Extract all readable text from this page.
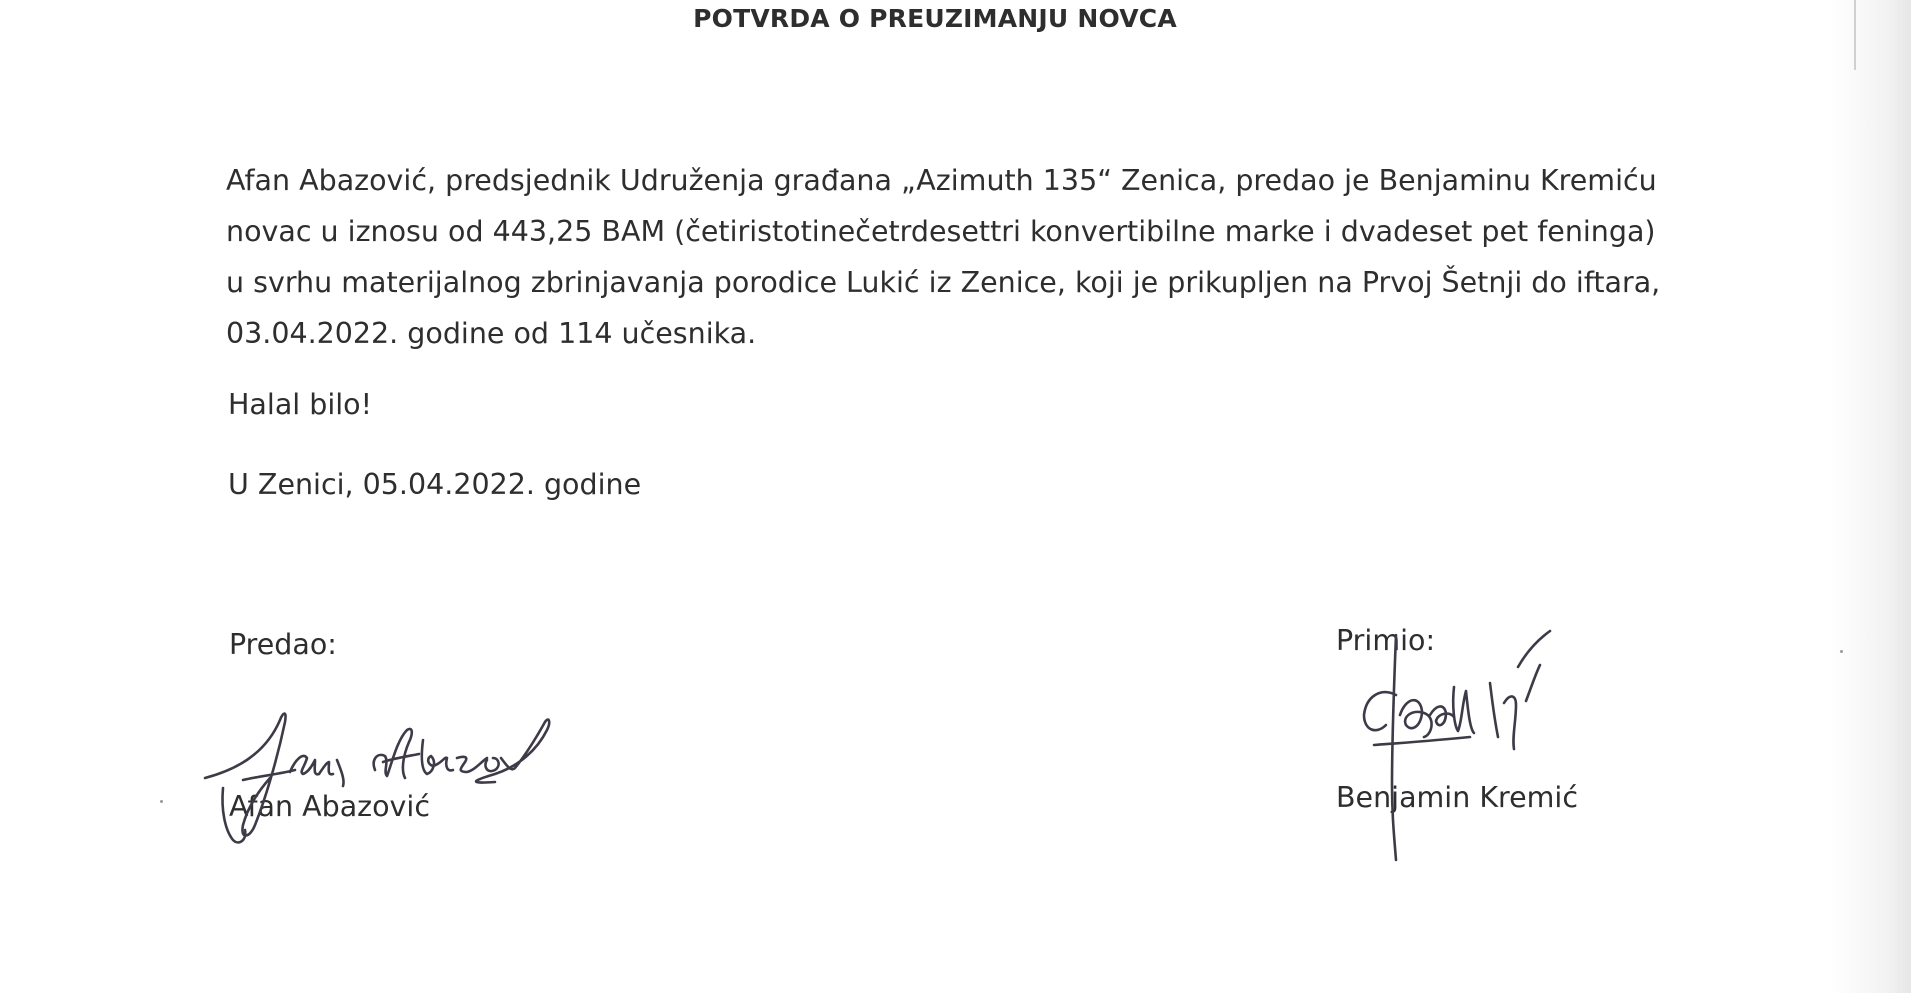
POTVRDA O PREUZIMANJU NOVCA

Afan Abazović, predsjednik Udruženja građana „Azimuth 135“ Zenica, predao je Benjaminu Kremiću

novac u iznosu od 443,25 BAM (četiristotinečetrdesettri konvertibilne marke i dvadeset pet feninga)

u svrhu materijalnog zbrinjavanja porodice Lukić iz Zenice, koji je prikupljen na Prvoj Šetnji do iftara,

03.04.2022. godine od 114 učesnika.

Halal bilo!
U Zenici, 05.04.2022. godine
Predao:
Afan Abazović
Primio:
Benjamin Kremić
